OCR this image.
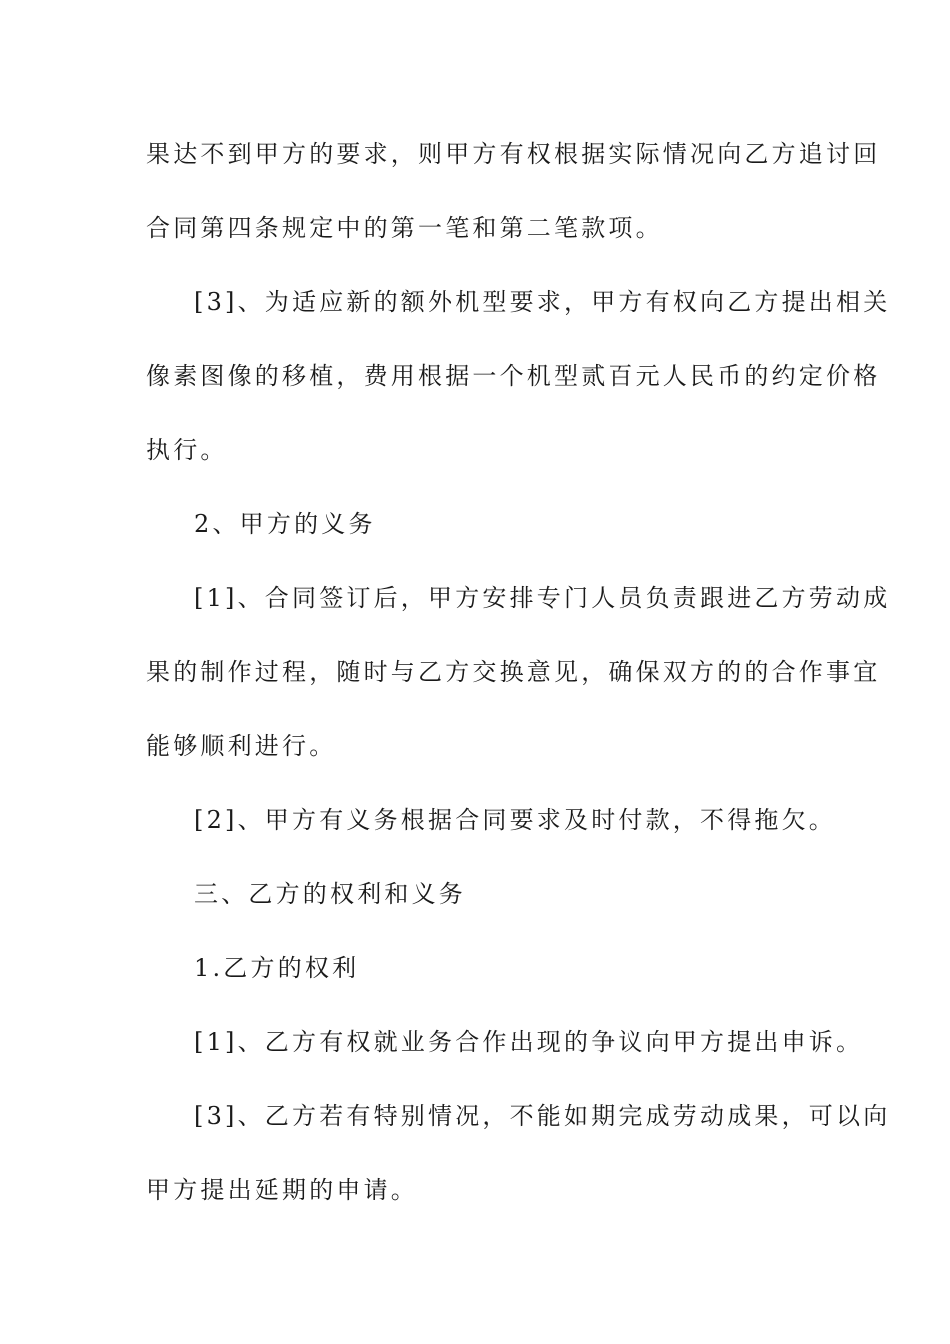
果达不到甲方的要求，则甲方有权根据实际情况向乙方追讨回
合同第四条规定中的第一笔和第二笔款项。
[3]、为适应新的额外机型要求，甲方有权向乙方提出相关
像素图像的移植，费用根据一个机型贰百元人民币的约定价格
执行。
2、甲方的义务
[1]、合同签订后，甲方安排专门人员负责跟进乙方劳动成
果的制作过程，随时与乙方交换意见，确保双方的的合作事宜
能够顺利进行。
[2]、甲方有义务根据合同要求及时付款，不得拖欠。
三、乙方的权利和义务
1.乙方的权利
[1]、乙方有权就业务合作出现的争议向甲方提出申诉。
[3]、乙方若有特别情况，不能如期完成劳动成果，可以向
甲方提出延期的申请。
